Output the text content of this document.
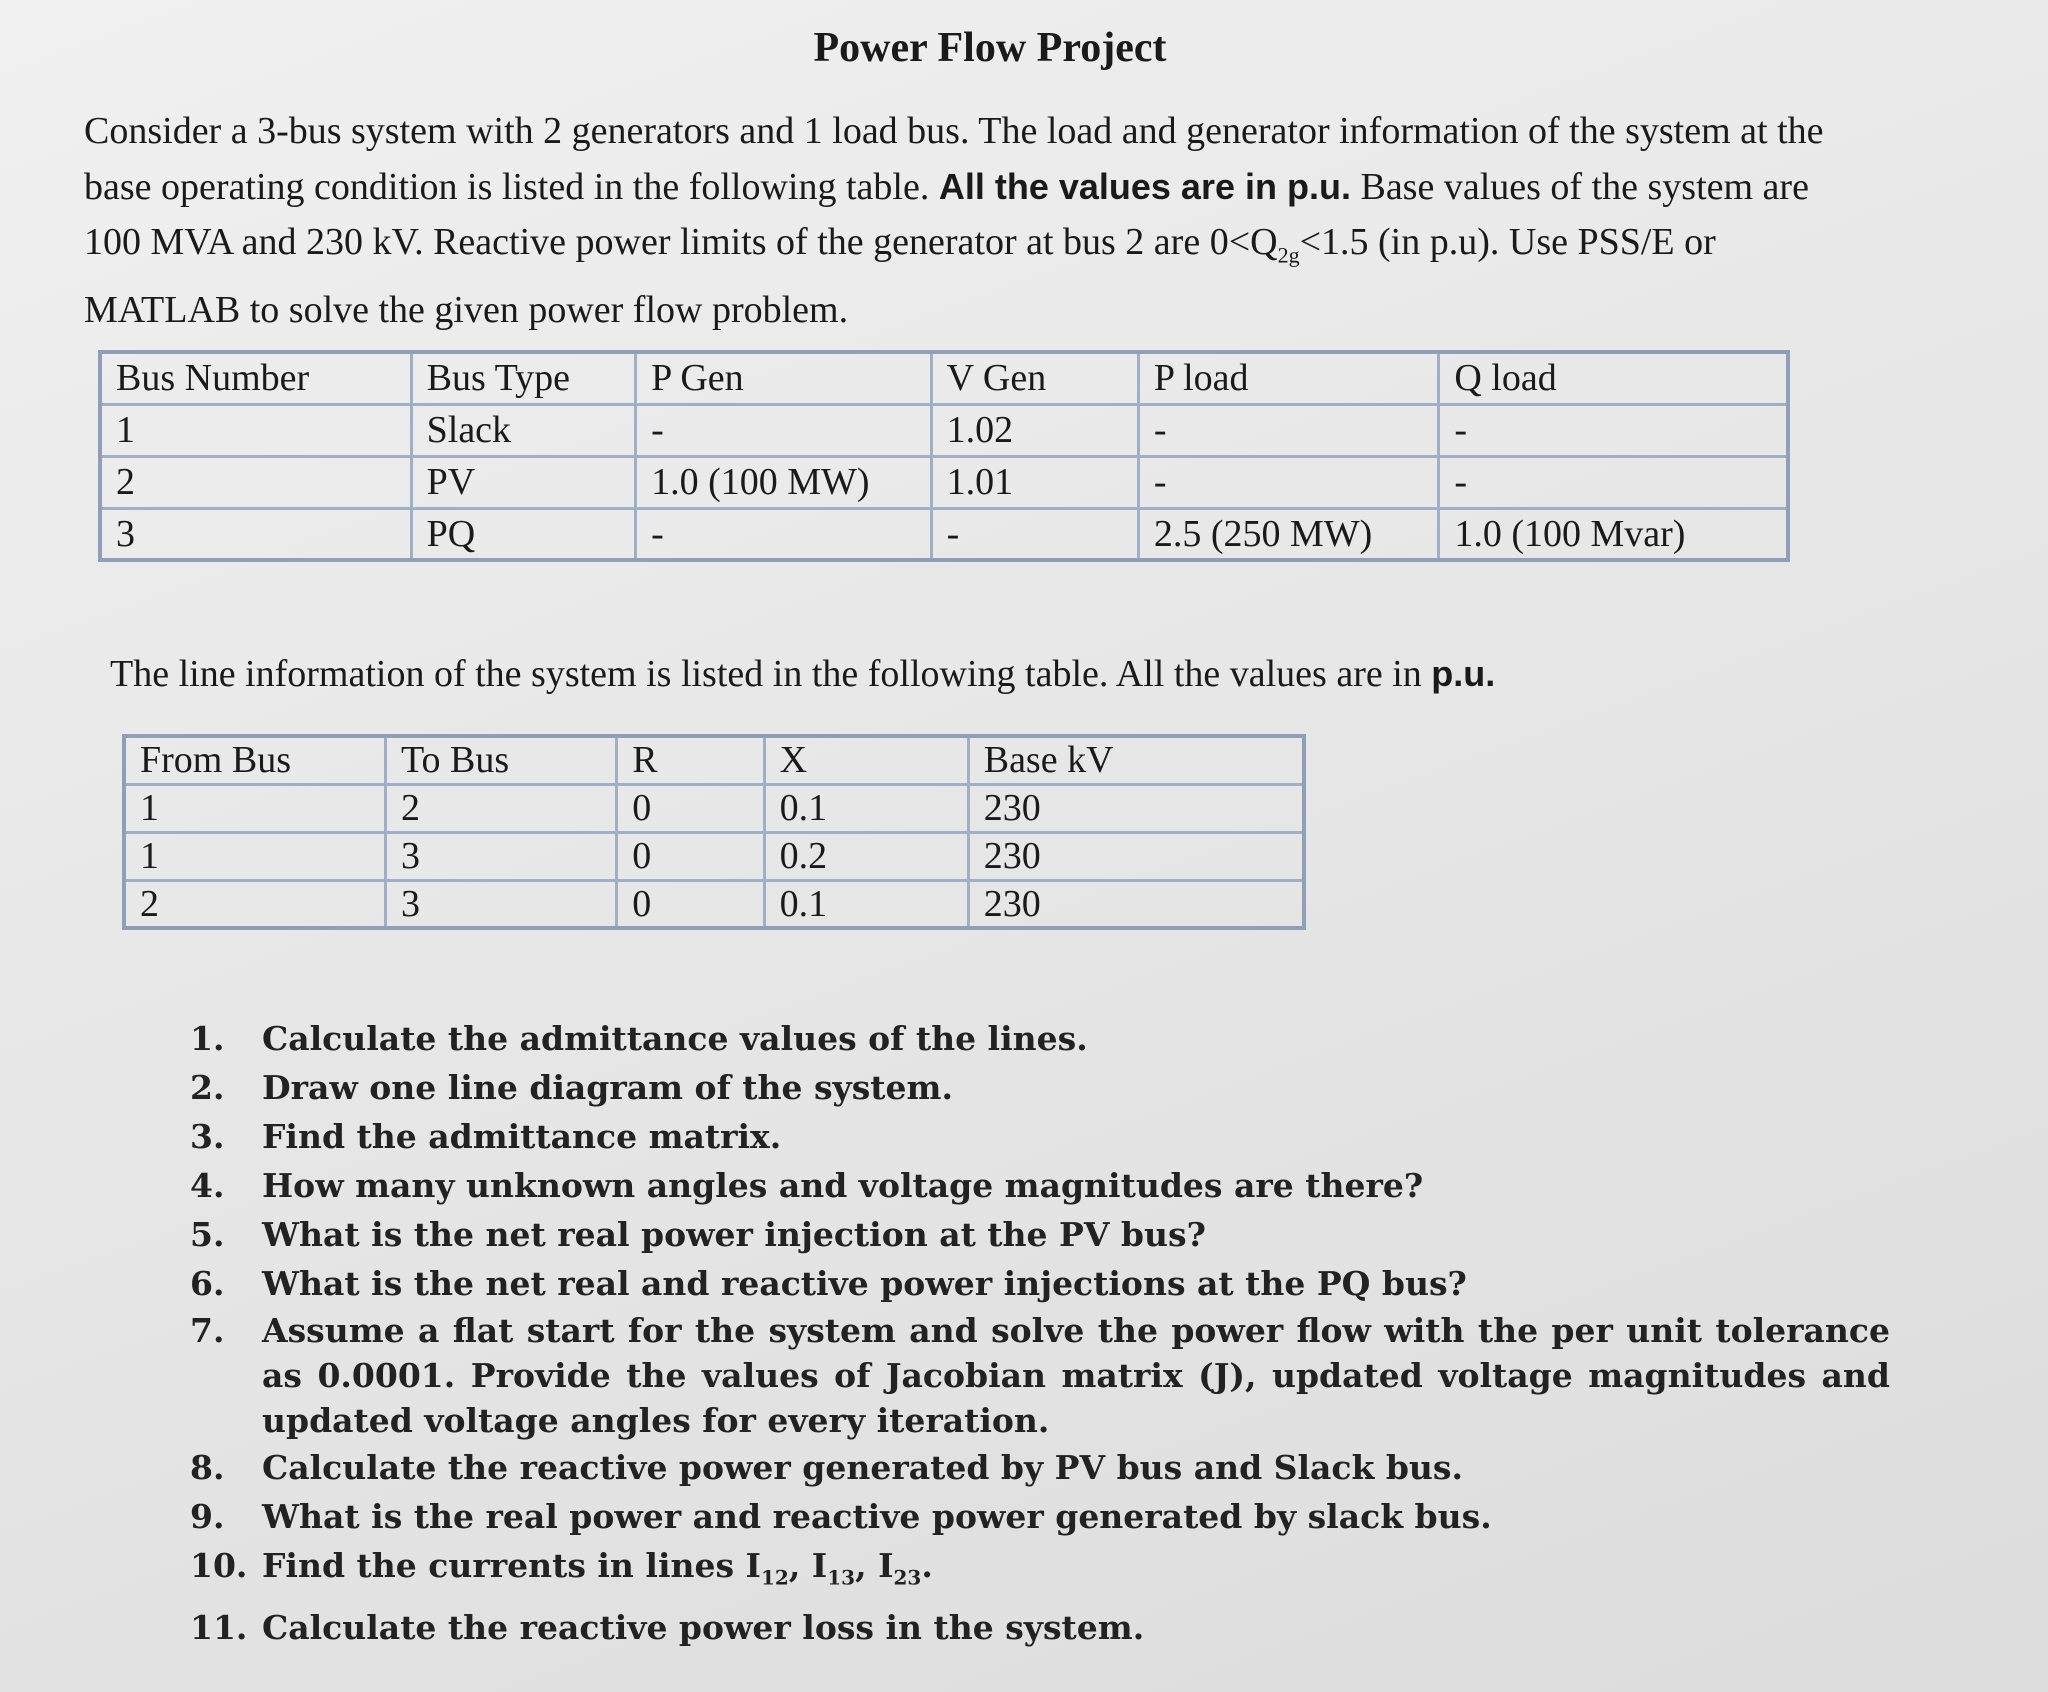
Power Flow Project

Consider a 3-bus system with 2 generators and 1 load bus. The load and generator information of the system at the base operating condition is listed in the following table. All the values are in p.u. Base values of the system are 100 MVA and 230 kV. Reactive power limits of the generator at bus 2 are $0<Q_{2g}<1.5$ (in p.u). Use PSS/E or MATLAB to solve the given power flow problem.

Bus Number	Bus Type	P Gen	V Gen	P load	Q load
1	Slack	-	1.02	-	-
2	PV	1.0 (100 MW)	1.01	-	-
3	PQ	-	-	2.5 (250 MW)	1.0 (100 Mvar)

The line information of the system is listed in the following table. All the values are in p.u.

From Bus	To Bus	R	X	Base kV
1	2	0	0.1	230
1	3	0	0.2	230
2	3	0	0.1	230
1. Calculate the admittance values of the lines.
2. Draw one line diagram of the system.
3. Find the admittance matrix.
4. How many unknown angles and voltage magnitudes are there?
5. What is the net real power injection at the PV bus?
6. What is the net real and reactive power injections at the PQ bus?
7. Assume a flat start for the system and solve the power flow with the per unit tolerance as 0.0001. Provide the values of Jacobian matrix (J), updated voltage magnitudes and updated voltage angles for every iteration.
8. Calculate the reactive power generated by PV bus and Slack bus.
9. What is the real power and reactive power generated by slack bus.
10. Find the currents in lines $I_{12}$, $I_{13}$, $I_{23}$.
11. Calculate the reactive power loss in the system.
